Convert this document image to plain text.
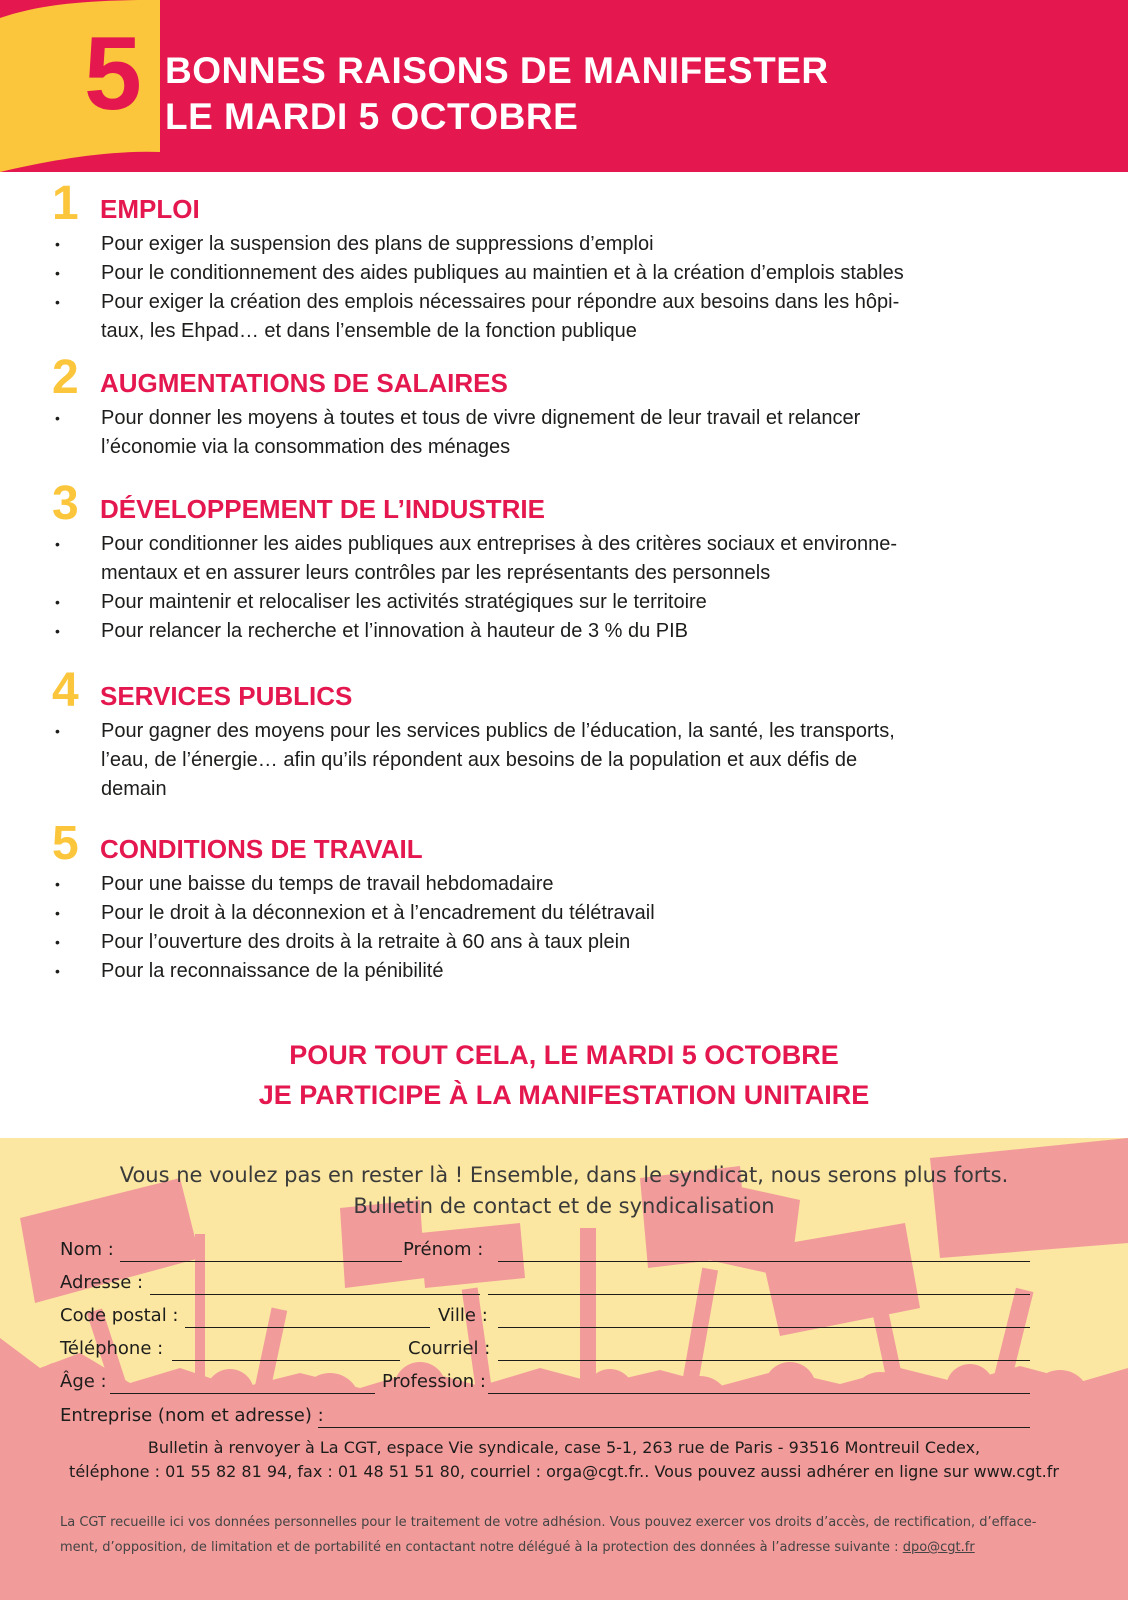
5 BONNES RAISONS DE MANIFESTER
LE MARDI 5 OCTOBRE
1 EMPLOI
• Pour exiger la suspension des plans de suppressions d’emploi
• Pour le conditionnement des aides publiques au maintien et à la création d’emplois stables
• Pour exiger la création des emplois nécessaires pour répondre aux besoins dans les hôpi-
taux, les Ehpad… et dans l’ensemble de la fonction publique
2 AUGMENTATIONS DE SALAIRES
• Pour donner les moyens à toutes et tous de vivre dignement de leur travail et relancer
l’économie via la consommation des ménages
3 DÉVELOPPEMENT DE L’INDUSTRIE
• Pour conditionner les aides publiques aux entreprises à des critères sociaux et environne-
mentaux et en assurer leurs contrôles par les représentants des personnels
• Pour maintenir et relocaliser les activités stratégiques sur le territoire
• Pour relancer la recherche et l’innovation à hauteur de 3 % du PIB
4 SERVICES PUBLICS
• Pour gagner des moyens pour les services publics de l’éducation, la santé, les transports,
l’eau, de l’énergie… afin qu’ils répondent aux besoins de la population et aux défis de
demain
5 CONDITIONS DE TRAVAIL
• Pour une baisse du temps de travail hebdomadaire
• Pour le droit à la déconnexion et à l’encadrement du télétravail
• Pour l’ouverture des droits à la retraite à 60 ans à taux plein
• Pour la reconnaissance de la pénibilité
POUR TOUT CELA, LE MARDI 5 OCTOBRE
JE PARTICIPE À LA MANIFESTATION UNITAIRE
Vous ne voulez pas en rester là ! Ensemble, dans le syndicat, nous serons plus forts.
Bulletin de contact et de syndicalisation
Nom :	Prénom :
Adresse :
Code postal :	Ville :
Téléphone :	Courriel :
Âge :	Profession :
Entreprise (nom et adresse) :
Bulletin à renvoyer à La CGT, espace Vie syndicale, case 5-1, 263 rue de Paris - 93516 Montreuil Cedex,
téléphone : 01 55 82 81 94, fax : 01 48 51 51 80, courriel : orga@cgt.fr.. Vous pouvez aussi adhérer en ligne sur www.cgt.fr
La CGT recueille ici vos données personnelles pour le traitement de votre adhésion. Vous pouvez exercer vos droits d’accès, de rectification, d’efface-ment, d’opposition, de limitation et de portabilité en contactant notre délégué à la protection des données à l’adresse suivante : dpo@cgt.fr
